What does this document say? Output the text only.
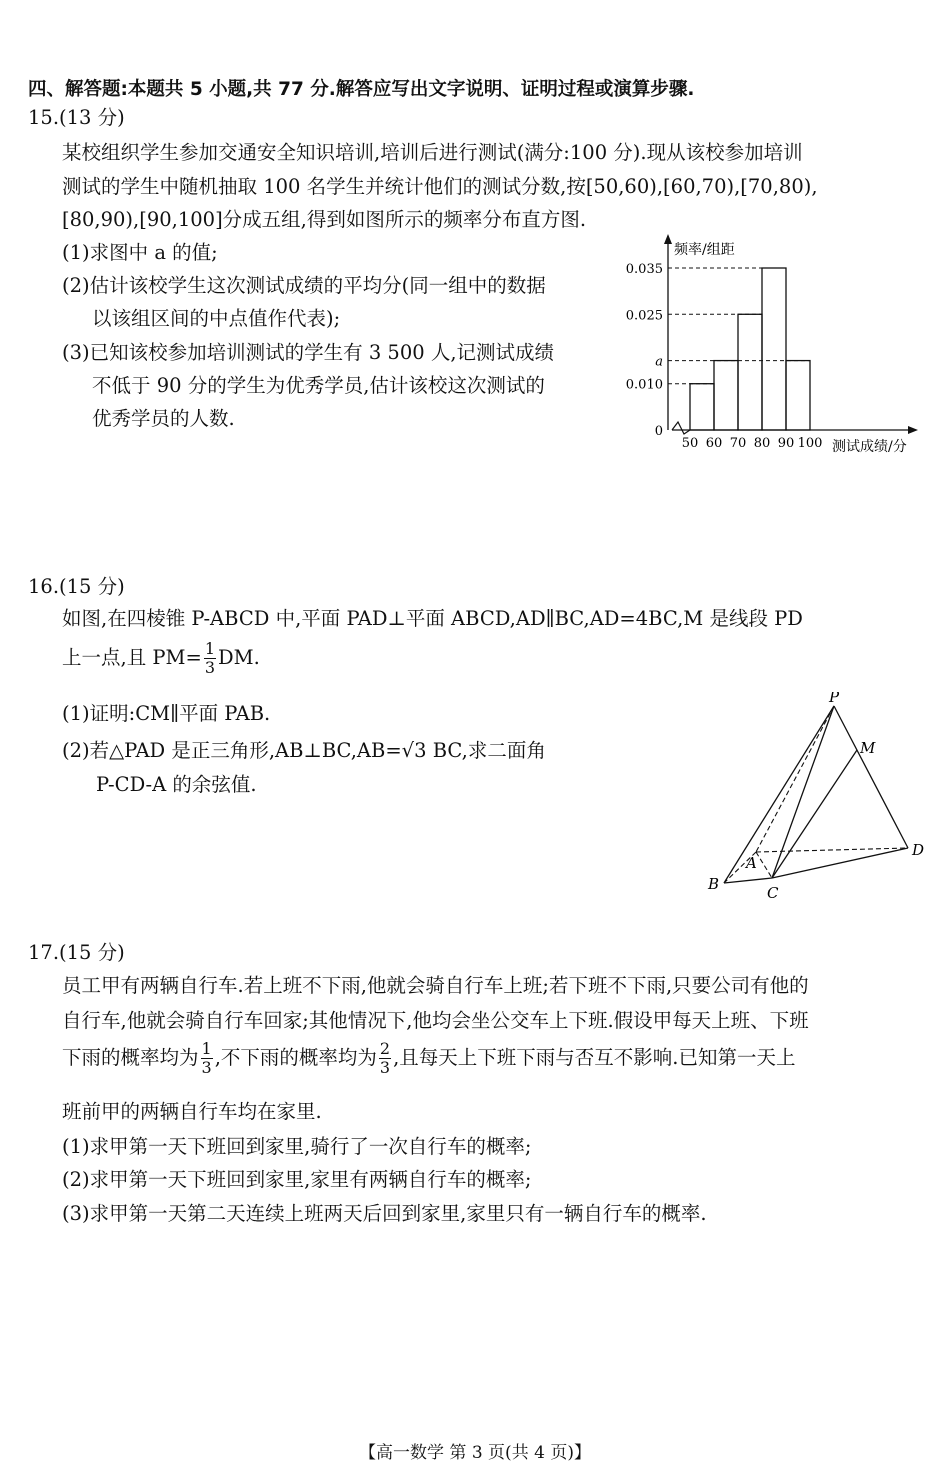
四、解答题:本题共 5 小题,共 77 分.解答应写出文字说明、证明过程或演算步骤.
15.(13 分)
某校组织学生参加交通安全知识培训,培训后进行测试(满分:100 分).现从该校参加培训
测试的学生中随机抽取 100 名学生并统计他们的测试分数,按[50,60),[60,70),[70,80),
[80,90),[90,100]分成五组,得到如图所示的频率分布直方图.
(1)求图中 a 的值;
(2)估计该校学生这次测试成绩的平均分(同一组中的数据
以该组区间的中点值作代表);
(3)已知该校参加培训测试的学生有 3 500 人,记测试成绩
不低于 90 分的学生为优秀学员,估计该校这次测试的
优秀学员的人数.
频率/组距
测试成绩/分
0
0.010
a
0.025
0.035
50 60 70 80 90 100
16.(15 分)
如图,在四棱锥 P-ABCD 中,平面 PAD⊥平面 ABCD,AD∥BC,AD=4BC,M 是线段 PD
上一点,且 $PM= \frac{1}{3}$ DM.
(1)证明:CM∥平面 PAB.
(2)若△PAD 是正三角形,AB⊥BC,AB=√3 BC,求二面角
P-CD-A 的余弦值.
P
M
D
A
B	C
17.(15 分)
员工甲有两辆自行车.若上班不下雨,他就会骑自行车上班;若下班不下雨,只要公司有他的
自行车,他就会骑自行车回家;其他情况下,他均会坐公交车上下班.假设甲每天上班、下班
下雨的概率均为 $\frac{1}{3}$ ,不下雨的概率均为 $\frac{2}{3}$ ,且每天上下班下雨与否互不影响.已知第一天上
班前甲的两辆自行车均在家里.
(1)求甲第一天下班回到家里,骑行了一次自行车的概率;
(2)求甲第一天下班回到家里,家里有两辆自行车的概率;
(3)求甲第一天第二天连续上班两天后回到家里,家里只有一辆自行车的概率.
【高一数学 第 3 页(共 4 页)】
